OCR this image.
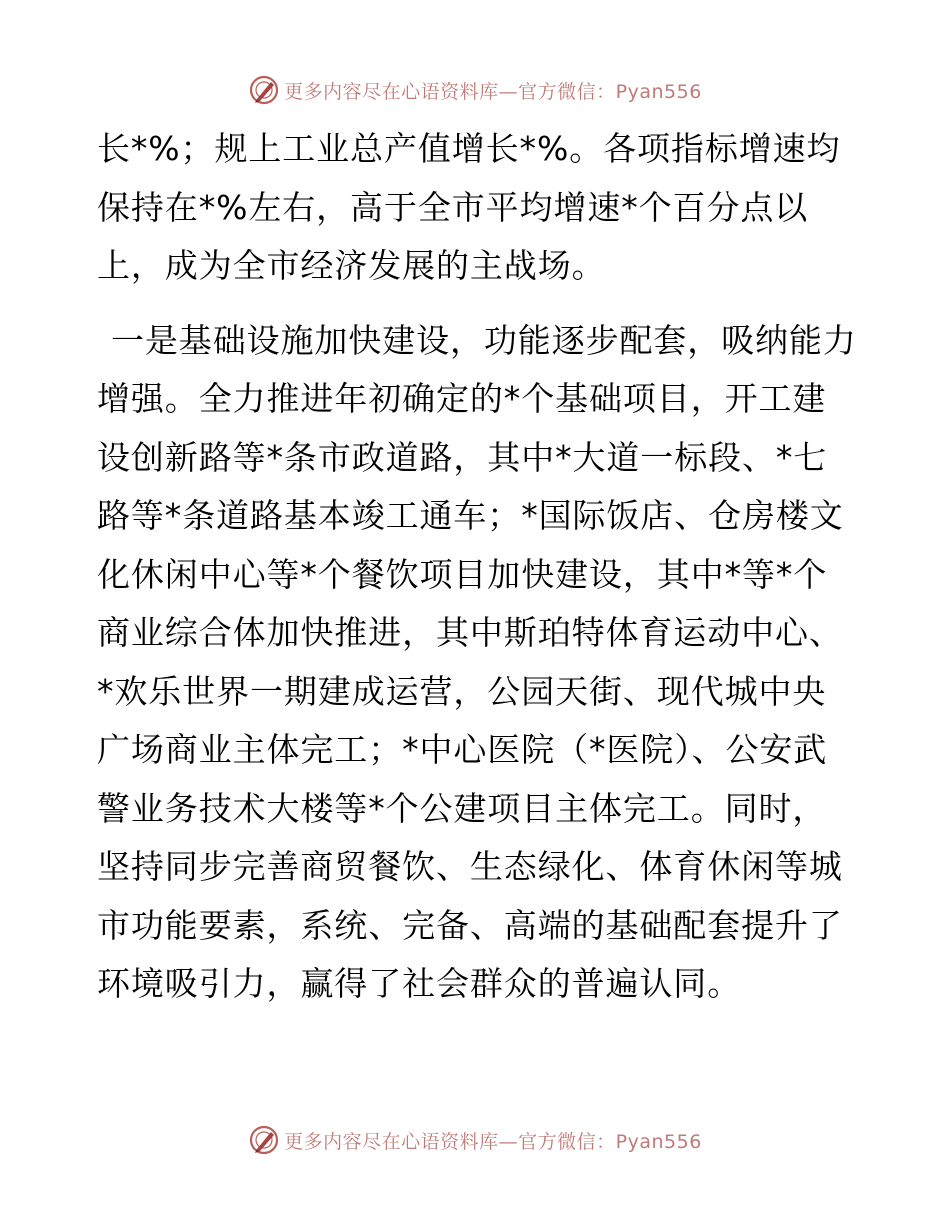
更多内容尽在心语资料库—官方微信：Pyan556

长*%；规上工业总产值增长*%。各项指标增速均保持在*%左右，高于全市平均增速*个百分点以上，成为全市经济发展的主战场。

一是基础设施加快建设，功能逐步配套，吸纳能力增强。全力推进年初确定的*个基础项目，开工建设创新路等*条市政道路，其中*大道一标段、*七路等*条道路基本竣工通车；*国际饭店、仓房楼文化休闲中心等*个餐饮项目加快建设，其中*等*个商业综合体加快推进，其中斯珀特体育运动中心、*欢乐世界一期建成运营，公园天街、现代城中央广场商业主体完工；*中心医院（*医院）、公安武警业务技术大楼等*个公建项目主体完工。同时，坚持同步完善商贸餐饮、生态绿化、体育休闲等城市功能要素，系统、完备、高端的基础配套提升了环境吸引力，赢得了社会群众的普遍认同。

更多内容尽在心语资料库—官方微信：Pyan556
